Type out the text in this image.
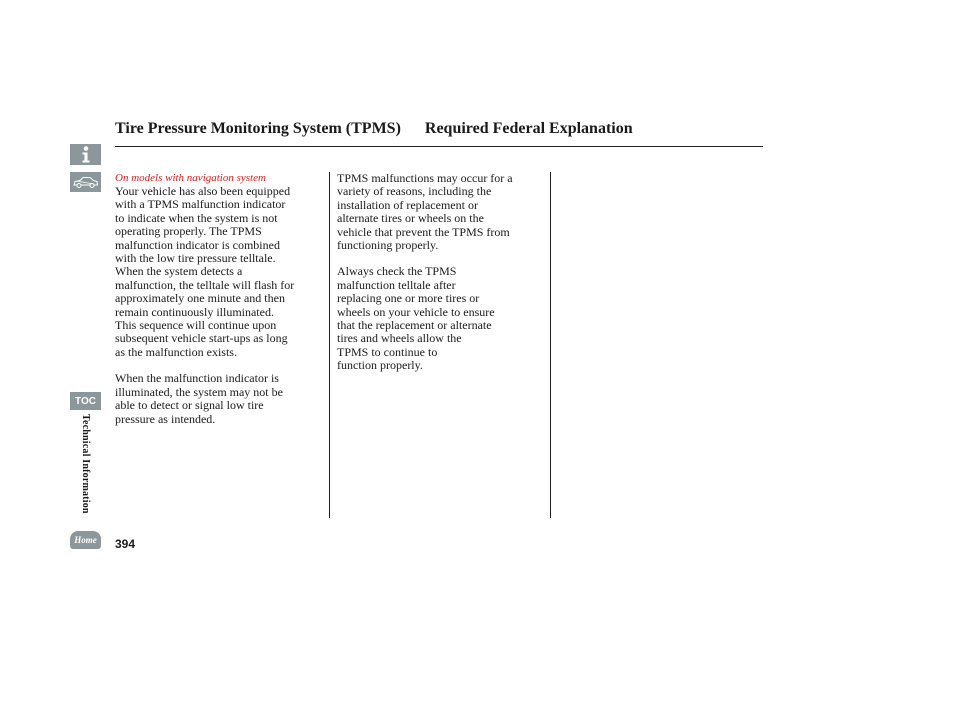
TOC
Technical Information
Home
Tire Pressure Monitoring System (TPMS)      Required Federal Explanation
On models with navigation system

Your vehicle has also been equipped
with a TPMS malfunction indicator
to indicate when the system is not
operating properly. The TPMS
malfunction indicator is combined
with the low tire pressure telltale.
When the system detects a
malfunction, the telltale will flash for
approximately one minute and then
remain continuously illuminated.
This sequence will continue upon
subsequent vehicle start-ups as long
as the malfunction exists.

When the malfunction indicator is
illuminated, the system may not be
able to detect or signal low tire
pressure as intended.

TPMS malfunctions may occur for a
variety of reasons, including the
installation of replacement or
alternate tires or wheels on the
vehicle that prevent the TPMS from
functioning properly.

Always check the TPMS
malfunction telltale after
replacing one or more tires or
wheels on your vehicle to ensure
that the replacement or alternate
tires and wheels allow the
TPMS to continue to
function properly.

394
